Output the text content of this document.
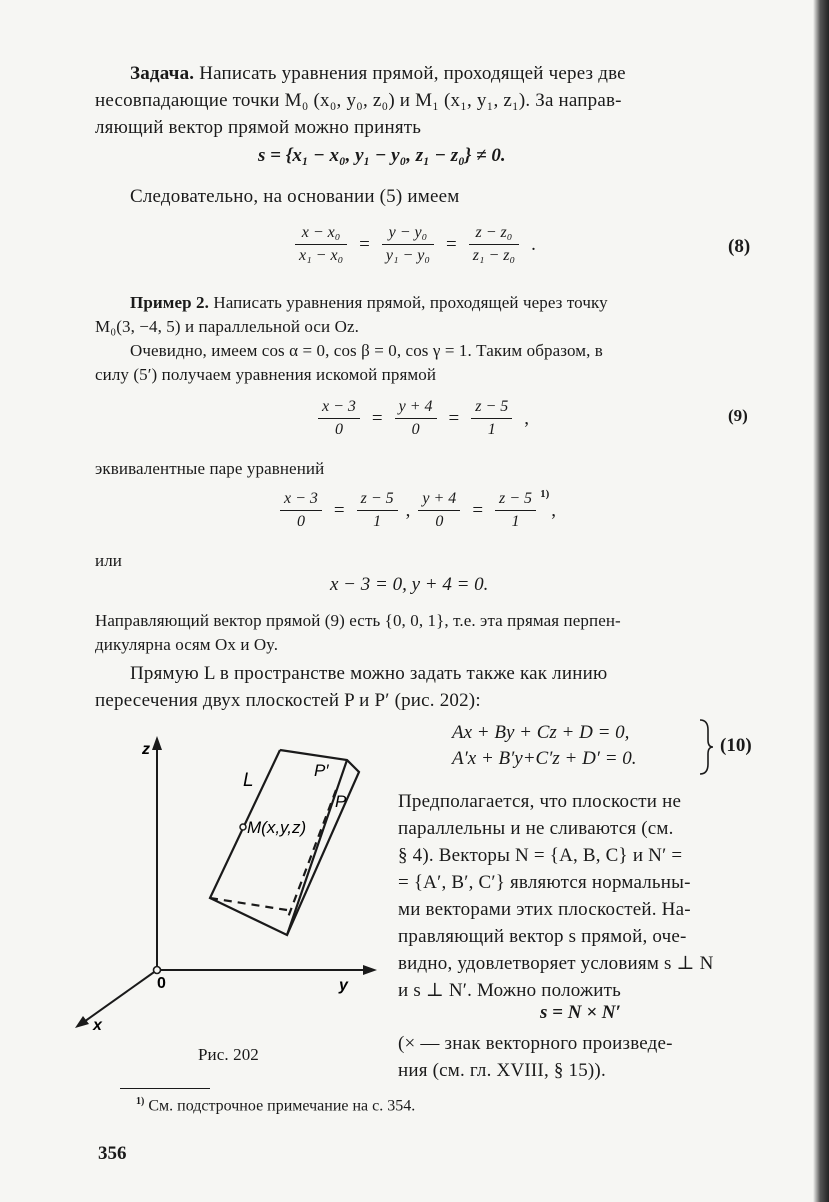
Задача. Написать уравнения прямой, проходящей через две
несовпадающие точки M₀ (x₀, y₀, z₀) и M₁ (x₁, y₁, z₁). За направ-
ляющий вектор прямой можно принять
s = {x₁ − x₀, y₁ − y₀, z₁ − z₀} ≠ 0.
Следовательно, на основании (5) имеем
$\frac{\text{x − x₀}}{\text{x₁ − x₀}} = \frac{\text{y − y₀}}{\text{y₁ − y₀}} = \frac{\text{z − z₀}}{\text{z₁ − z₀}}$ .	(8)
Пример 2. Написать уравнения прямой, проходящей через точку
M₀(3, −4, 5) и параллельной оси Oz.
Очевидно, имеем cos α = 0, cos β = 0, cos γ = 1. Таким образом, в
силу (5′) получаем уравнения искомой прямой
$\frac{x - 3}{0} = \frac{y + 4}{0} = \frac{z - 5}{1}$ ,	(9)
эквивалентные паре уравнений
$\frac{x - 3}{0} = \frac{z - 5}{1}$ , $\frac{y + 4}{0} = \frac{z - 5}{1} ^{1)}$,
или
x − 3 = 0, y + 4 = 0.
Направляющий вектор прямой (9) есть {0, 0, 1}, т.е. эта прямая перпен-
дикулярна осям Ox и Oy.
Прямую L в пространстве можно задать также как линию
пересечения двух плоскостей P и P′ (рис. 202):
Ax + By + Cz + D = 0,
A′x + B′y+C′z + D′ = 0.
(10)
z
L	P′
P
M(x,y,z)
0	y
x
Рис. 202
Предполагается, что плоскости не
параллельны и не сливаются (см.
§ 4). Векторы N = {A, B, C} и N′ =
= {A′, B′, C′} являются нормальны-
ми векторами этих плоскостей. На-
правляющий вектор s прямой, оче-
видно, удовлетворяет условиям s ⊥ N
и s ⊥ N′. Можно положить
s = N × N′
(× — знак векторного произведе-
ния (см. гл. XVIII, § 15)).
$^{1)}$ См. подстрочное примечание на с. 354.
356
